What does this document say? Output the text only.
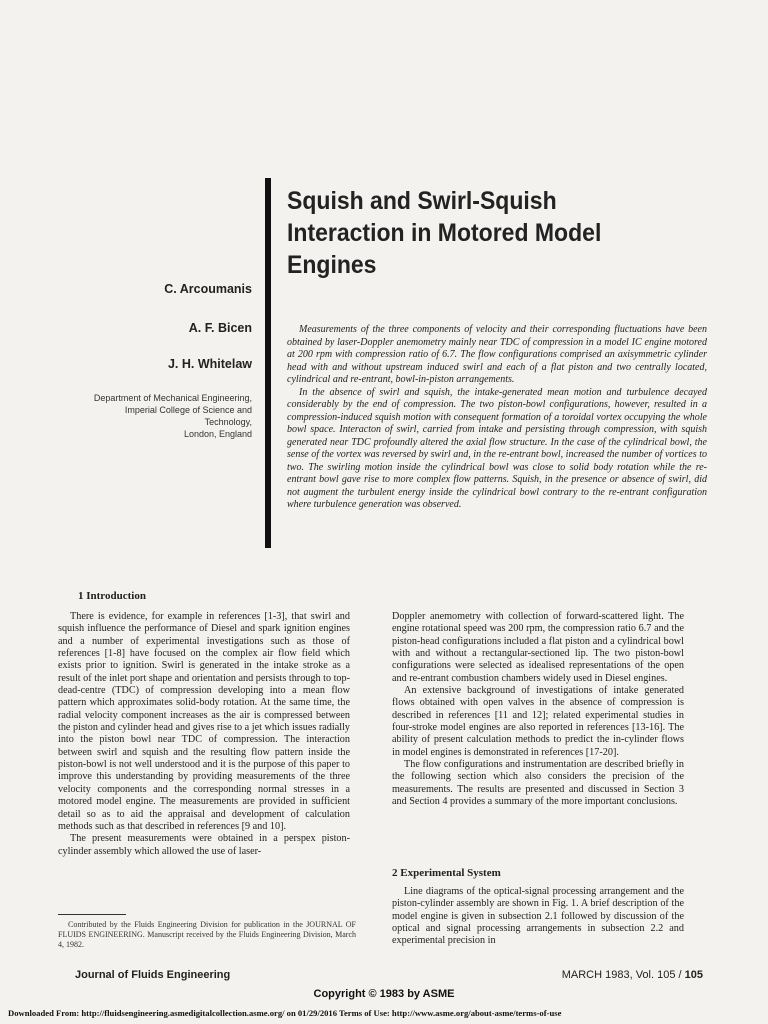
Squish and Swirl-Squish
Interaction in Motored Model
Engines
C. Arcoumanis
A. F. Bicen
J. H. Whitelaw
Department of Mechanical Engineering,
Imperial College of Science and
Technology,
London, England

Measurements of the three components of velocity and their corresponding fluctuations have been obtained by laser-Doppler anemometry mainly near TDC of compression in a model IC engine motored at 200 rpm with compression ratio of 6.7. The flow configurations comprised an axisymmetric cylinder head with and without upstream induced swirl and each of a flat piston and two centrally located, cylindrical and re-entrant, bowl-in-piston arrangements.

In the absence of swirl and squish, the intake-generated mean motion and turbulence decayed considerably by the end of compression. The two piston-bowl configurations, however, resulted in a compression-induced squish motion with consequent formation of a toroidal vortex occupying the whole bowl space. Interacton of swirl, carried from intake and persisting through compression, with squish generated near TDC profoundly altered the axial flow structure. In the case of the cylindrical bowl, the sense of the vortex was reversed by swirl and, in the re-entrant bowl, increased the number of vortices to two. The swirling motion inside the cylindrical bowl was close to solid body rotation while the re-entrant bowl gave rise to more complex flow patterns. Squish, in the presence or absence of swirl, did not augment the turbulent energy inside the cylindrical bowl contrary to the re-entrant configuration where turbulence generation was observed.

1 Introduction

There is evidence, for example in references [1-3], that swirl and squish influence the performance of Diesel and spark ignition engines and a number of experimental investigations such as those of references [1-8] have focused on the complex air flow field which exists prior to ignition. Swirl is generated in the intake stroke as a result of the inlet port shape and orientation and persists through to top-dead-centre (TDC) of compression developing into a mean flow pattern which approximates solid-body rotation. At the same time, the radial velocity component increases as the air is compressed between the piston and cylinder head and gives rise to a jet which issues radially into the piston bowl near TDC of compression. The interaction between swirl and squish and the resulting flow pattern inside the piston-bowl is not well understood and it is the purpose of this paper to improve this understanding by providing measurements of the three velocity components and the corresponding normal stresses in a motored model engine. The measurements are provided in sufficient detail so as to aid the appraisal and development of calculation methods such as that described in references [9 and 10].

The present measurements were obtained in a perspex piston-cylinder assembly which allowed the use of laser-

Doppler anemometry with collection of forward-scattered light. The engine rotational speed was 200 rpm, the compression ratio 6.7 and the piston-head configurations included a flat piston and a cylindrical bowl with and without a rectangular-sectioned lip. The two piston-bowl configurations were selected as idealised representations of the open and re-entrant combustion chambers widely used in Diesel engines.

An extensive background of investigations of intake generated flows obtained with open valves in the absence of compression is described in references [11 and 12]; related experimental studies in four-stroke model engines are also reported in references [13-16]. The ability of present calculation methods to predict the in-cylinder flows in model engines is demonstrated in references [17-20].

The flow configurations and instrumentation are described briefly in the following section which also considers the precision of the measurements. The results are presented and discussed in Section 3 and Section 4 provides a summary of the more important conclusions.

2 Experimental System

Line diagrams of the optical-signal processing arrangement and the piston-cylinder assembly are shown in Fig. 1. A brief description of the model engine is given in subsection 2.1 followed by discussion of the optical and signal processing arrangements in subsection 2.2 and experimental precision in

Contributed by the Fluids Engineering Division for publication in the JOURNAL OF FLUIDS ENGINEERING. Manuscript received by the Fluids Engineering Division, March 4, 1982.
Journal of Fluids Engineering	MARCH 1983, Vol. 105 / 105
Copyright © 1983 by ASME
Downloaded From: http://fluidsengineering.asmedigitalcollection.asme.org/ on 01/29/2016 Terms of Use: http://www.asme.org/about-asme/terms-of-use
